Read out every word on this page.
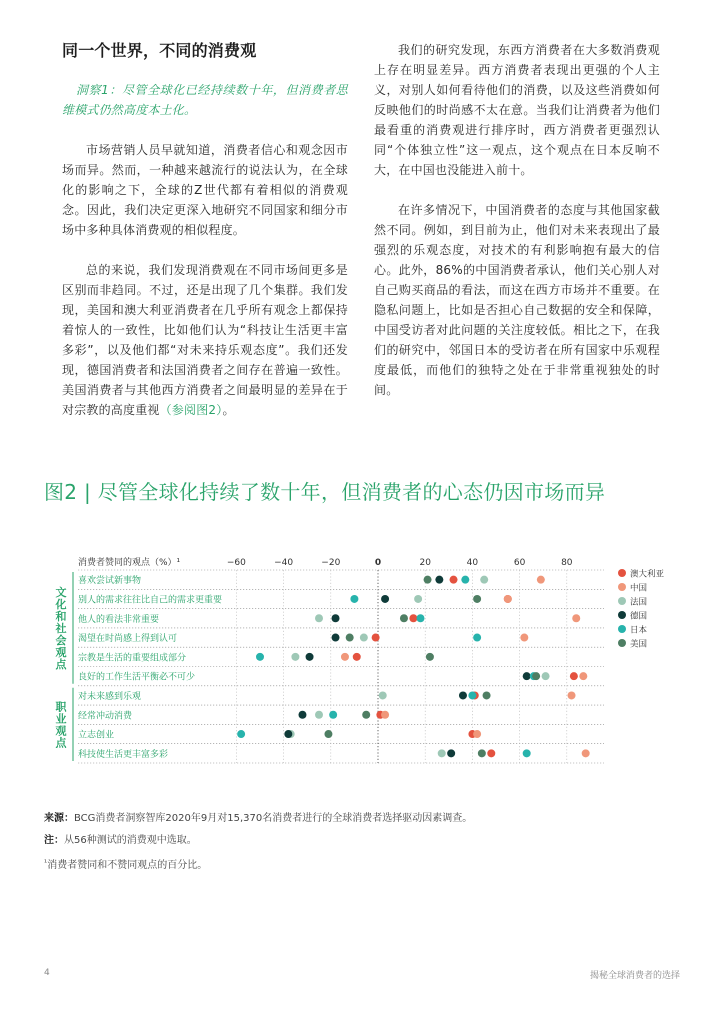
同一个世界，不同的消费观

洞察1：尽管全球化已经持续数十年，但消费者思维模式仍然高度本土化。

市场营销人员早就知道，消费者信心和观念因市场而异。然而，一种越来越流行的说法认为，在全球化的影响之下，全球的Z世代都有着相似的消费观念。因此，我们决定更深入地研究不同国家和细分市场中多种具体消费观的相似程度。

总的来说，我们发现消费观在不同市场间更多是区别而非趋同。不过，还是出现了几个集群。我们发现，美国和澳大利亚消费者在几乎所有观念上都保持着惊人的一致性，比如他们认为“科技让生活更丰富多彩”，以及他们都“对未来持乐观态度”。我们还发现，德国消费者和法国消费者之间存在普遍一致性。美国消费者与其他西方消费者之间最明显的差异在于对宗教的高度重视（参阅图2）。

我们的研究发现，东西方消费者在大多数消费观上存在明显差异。西方消费者表现出更强的个人主义，对别人如何看待他们的消费，以及这些消费如何反映他们的时尚感不太在意。当我们让消费者为他们最看重的消费观进行排序时，西方消费者更强烈认同“个体独立性”这一观点，这个观点在日本反响不大，在中国也没能进入前十。

在许多情况下，中国消费者的态度与其他国家截然不同。例如，到目前为止，他们对未来表现出了最强烈的乐观态度，对技术的有利影响抱有最大的信心。此外，86%的中国消费者承认，他们关心别人对自己购买商品的看法，而这在西方市场并不重要。在隐私问题上，比如是否担心自己数据的安全和保障，中国受访者对此问题的关注度较低。相比之下，在我们的研究中，邻国日本的受访者在所有国家中乐观程度最低，而他们的独特之处在于非常重视独处的时间。

图2 | 尽管全球化持续了数十年，但消费者的心态仍因市场而异
消费者赞同的观点（%）¹	−60	−40	−20	0	20	40	60	80
文化和社会观点
职业观点
喜欢尝试新事物
别人的需求往往比自己的需求更重要
他人的看法非常重要
渴望在时尚感上得到认可
宗教是生活的重要组成部分
良好的工作生活平衡必不可少
对未来感到乐观
经常冲动消费
立志创业
科技使生活更丰富多彩
澳大利亚
中国
法国
德国
日本
美国
来源：BCG消费者洞察智库2020年9月对15,370名消费者进行的全球消费者选择驱动因素调查。
注：从56种测试的消费观中选取。
$^{^1}$消费者赞同和不赞同观点的百分比。
4	揭秘全球消费者的选择
